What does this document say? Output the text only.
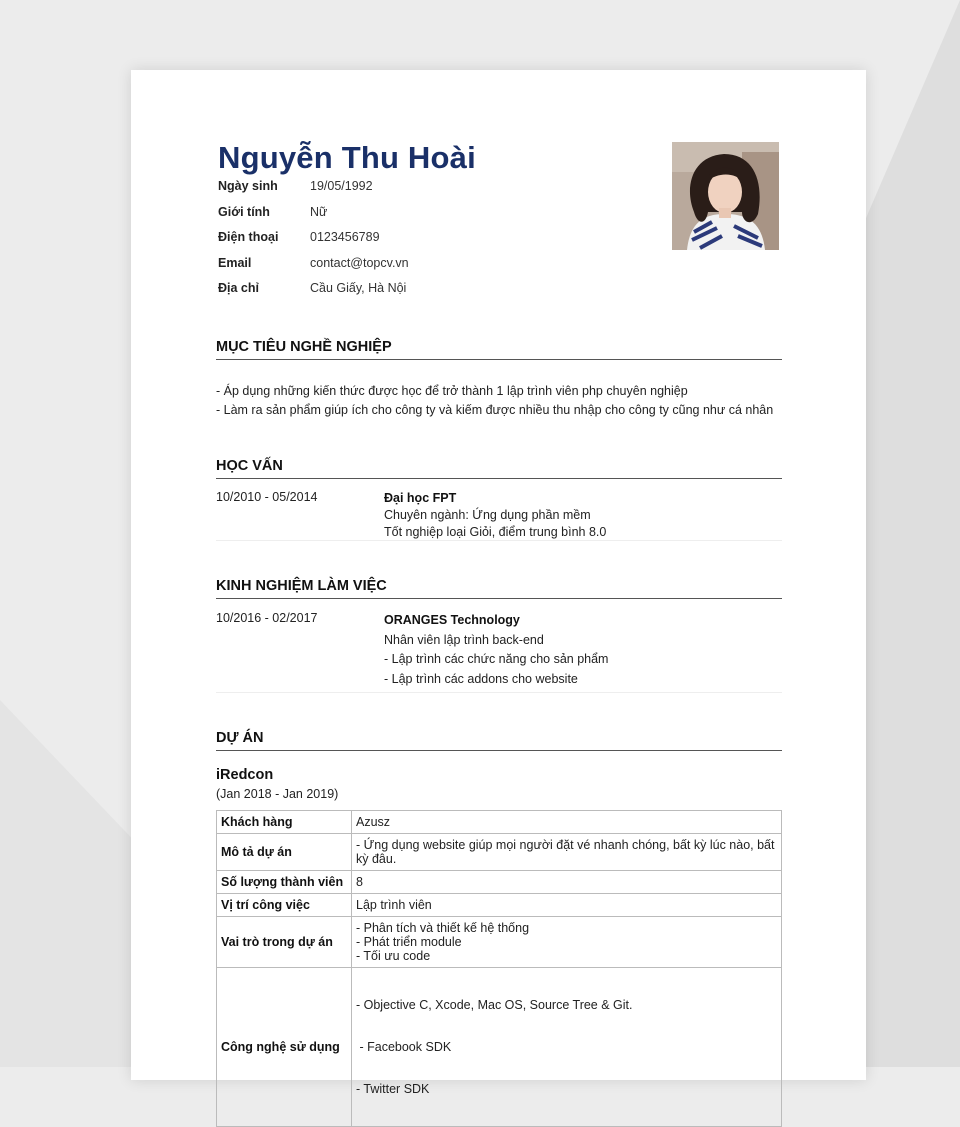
Nguyễn Thu Hoài
Ngày sinh	19/05/1992
Giới tính	Nữ
Điện thoại	0123456789
Email	contact@topcv.vn
Địa chỉ	Cầu Giấy, Hà Nội
MỤC TIÊU NGHỀ NGHIỆP
- Áp dụng những kiến thức được học để trở thành 1 lập trình viên php chuyên nghiệp
- Làm ra sản phẩm giúp ích cho công ty và kiếm được nhiều thu nhập cho công ty cũng như cá nhân
HỌC VẤN
10/2010 - 05/2014	Đại học FPT
Chuyên ngành: Ứng dụng phần mềm
Tốt nghiệp loại Giỏi, điểm trung bình 8.0
KINH NGHIỆM LÀM VIỆC
10/2016 - 02/2017	ORANGES Technology
Nhân viên lập trình back-end
- Lập trình các chức năng cho sản phẩm
- Lập trình các addons cho website
DỰ ÁN
iRedcon
(Jan 2018 - Jan 2019)
Khách hàng	Azusz

Mô tả dự án	- Ứng dụng website giúp mọi người đặt vé nhanh chóng, bất kỳ lúc nào, bất kỳ đâu.

Số lượng thành viên	8

Vị trí công việc	Lập trình viên

Vai trò trong dự án	- Phân tích và thiết kế hệ thống
- Phát triển module
- Tối ưu code

Công nghệ sử dụng	- Objective C, Xcode, Mac OS, Source Tree & Git.

- Facebook SDK

- Twitter SDK
